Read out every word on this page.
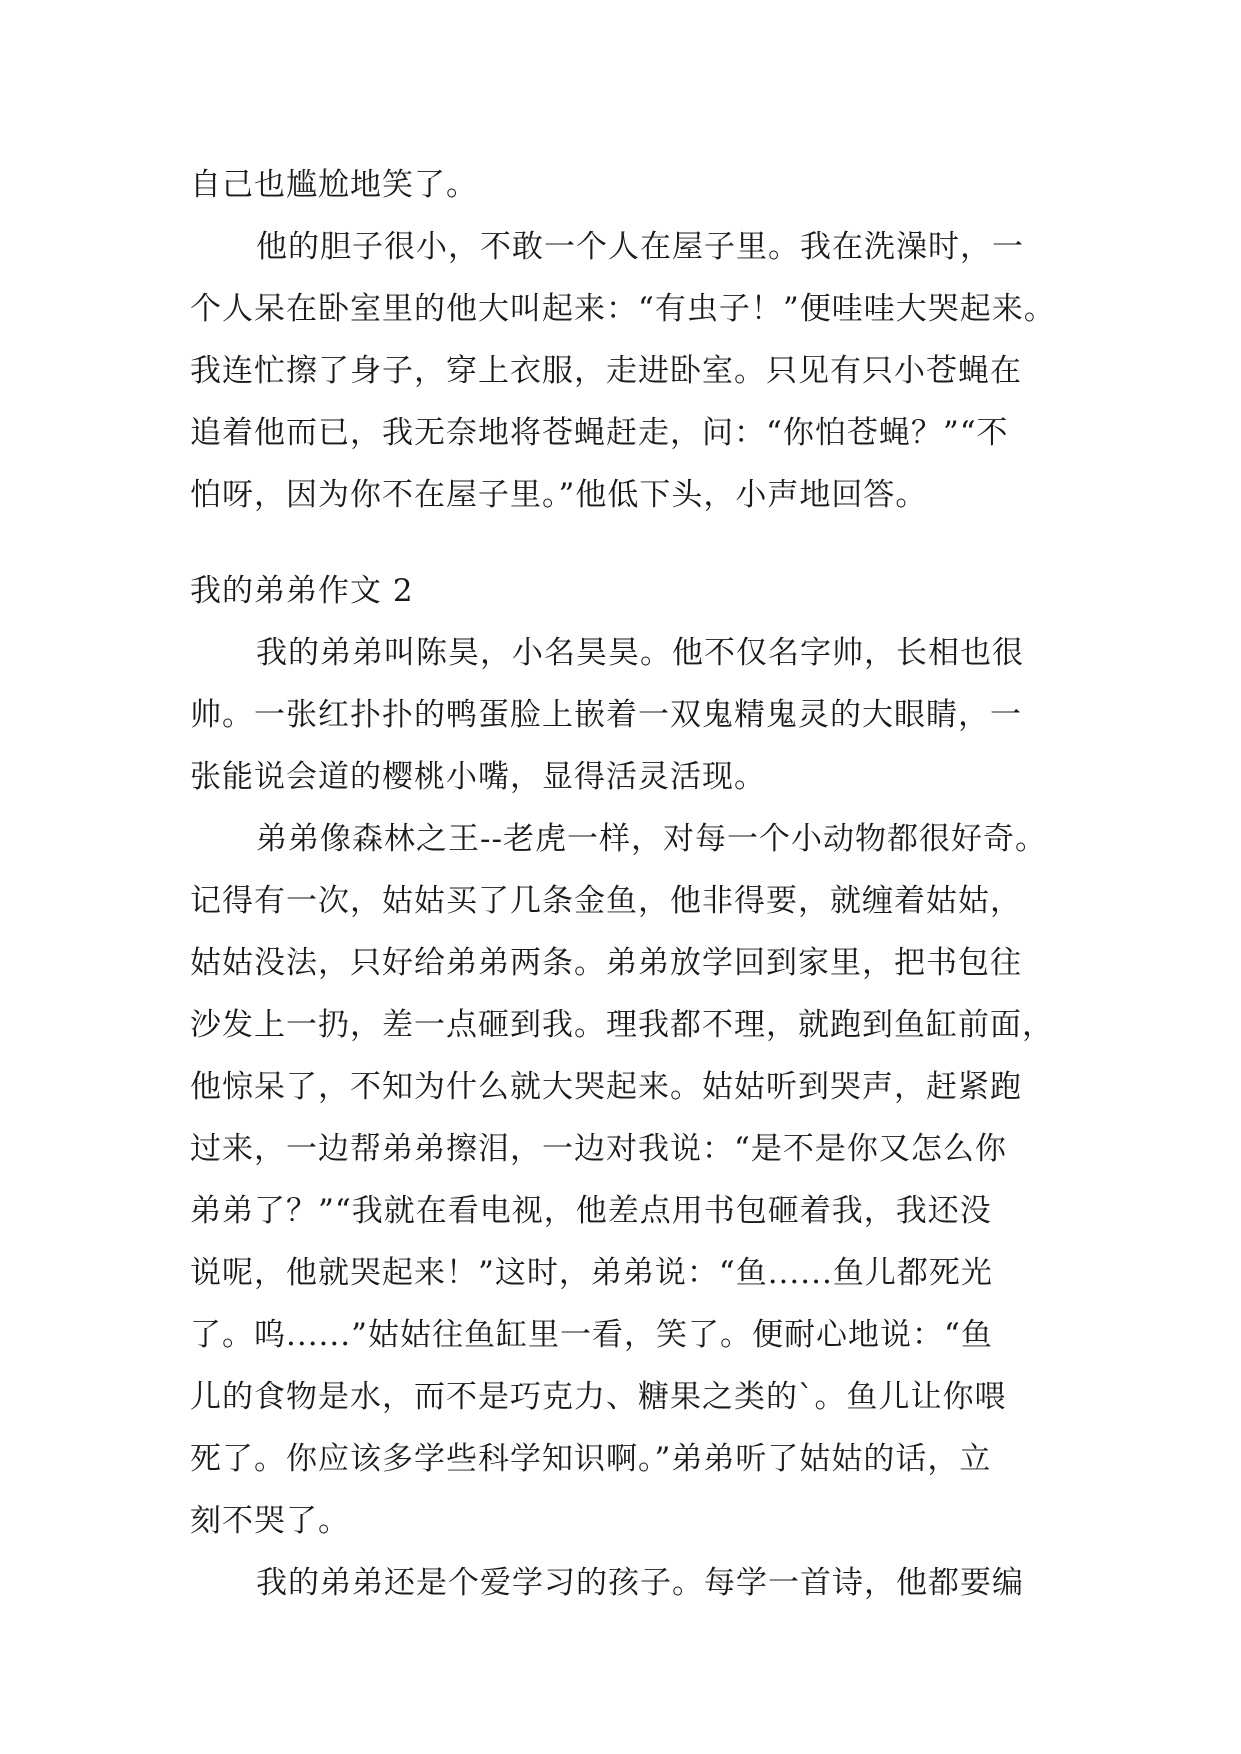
自己也尴尬地笑了。
他的胆子很小，不敢一个人在屋子里。我在洗澡时，一
个人呆在卧室里的他大叫起来：“有虫子！”便哇哇大哭起来。
我连忙擦了身子，穿上衣服，走进卧室。只见有只小苍蝇在
追着他而已，我无奈地将苍蝇赶走，问：“你怕苍蝇？”“不
怕呀，因为你不在屋子里。”他低下头，小声地回答。
我的弟弟作文 2
我的弟弟叫陈昊，小名昊昊。他不仅名字帅，长相也很
帅。一张红扑扑的鸭蛋脸上嵌着一双鬼精鬼灵的大眼睛，一
张能说会道的樱桃小嘴，显得活灵活现。
弟弟像森林之王--老虎一样，对每一个小动物都很好奇。
记得有一次，姑姑买了几条金鱼，他非得要，就缠着姑姑，
姑姑没法，只好给弟弟两条。弟弟放学回到家里，把书包往
沙发上一扔，差一点砸到我。理我都不理，就跑到鱼缸前面，
他惊呆了，不知为什么就大哭起来。姑姑听到哭声，赶紧跑
过来，一边帮弟弟擦泪，一边对我说：“是不是你又怎么你
弟弟了？”“我就在看电视，他差点用书包砸着我，我还没
说呢，他就哭起来！”这时，弟弟说：“鱼......鱼儿都死光
了。呜......”姑姑往鱼缸里一看，笑了。便耐心地说：“鱼
儿的食物是水，而不是巧克力、糖果之类的`。鱼儿让你喂
死了。你应该多学些科学知识啊。”弟弟听了姑姑的话，立
刻不哭了。
我的弟弟还是个爱学习的孩子。每学一首诗，他都要编
